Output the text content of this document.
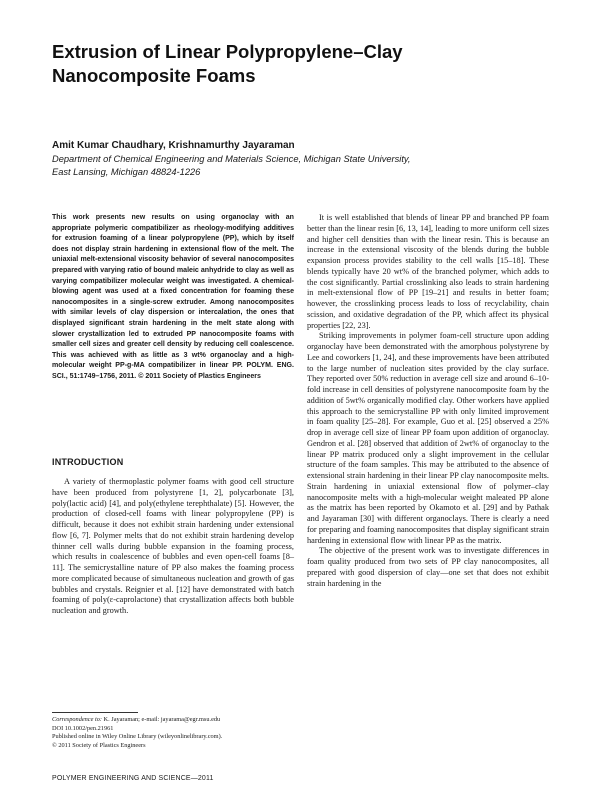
Extrusion of Linear Polypropylene–Clay
Nanocomposite Foams
Amit Kumar Chaudhary, Krishnamurthy Jayaraman
Department of Chemical Engineering and Materials Science, Michigan State University,
East Lansing, Michigan 48824-1226
This work presents new results on using organoclay with an appropriate polymeric compatibilizer as rheology-modifying additives for extrusion foaming of a linear polypropylene (PP), which by itself does not display strain hardening in extensional flow of the melt. The uniaxial melt-extensional viscosity behavior of several nanocomposites prepared with varying ratio of bound maleic anhydride to clay as well as varying compatibilizer molecular weight was investigated. A chemical-blowing agent was used at a fixed concentration for foaming these nanocomposites in a single-screw extruder. Among nanocomposites with similar levels of clay dispersion or intercalation, the ones that displayed significant strain hardening in the melt state along with slower crystallization led to extruded PP nanocomposite foams with smaller cell sizes and greater cell density by reducing cell coalescence. This was achieved with as little as 3 wt% organoclay and a high-molecular weight PP-g-MA compatibilizer in linear PP. POLYM. ENG. SCI., 51:1749–1756, 2011. © 2011 Society of Plastics Engineers
INTRODUCTION

A variety of thermoplastic polymer foams with good cell structure have been produced from polystyrene [1, 2], polycarbonate [3], poly(lactic acid) [4], and poly(ethylene terephthalate) [5]. However, the production of closed-cell foams with linear polypropylene (PP) is difficult, because it does not exhibit strain hardening under extensional flow [6, 7]. Polymer melts that do not exhibit strain hardening develop thinner cell walls during bubble expansion in the foaming process, which results in coalescence of bubbles and even open-cell foams [8–11]. The semicrystalline nature of PP also makes the foaming process more complicated because of simultaneous nucleation and growth of gas bubbles and crystals. Reignier et al. [12] have demonstrated with batch foaming of poly(ε-caprolactone) that crystallization affects both bubble nucleation and growth.

Correspondence to: K. Jayaraman; e-mail: jayarama@egr.msu.edu
DOI 10.1002/pen.21961
Published online in Wiley Online Library (wileyonlinelibrary.com).
© 2011 Society of Plastics Engineers

It is well established that blends of linear PP and branched PP foam better than the linear resin [6, 13, 14], leading to more uniform cell sizes and higher cell densities than with the linear resin. This is because an increase in the extensional viscosity of the blends during the bubble expansion process provides stability to the cell walls [15–18]. These blends typically have 20 wt% of the branched polymer, which adds to the cost significantly. Partial crosslinking also leads to strain hardening in melt-extensional flow of PP [19–21] and results in better foam; however, the crosslinking process leads to loss of recyclability, chain scission, and oxidative degradation of the PP, which affect its physical properties [22, 23].

Striking improvements in polymer foam-cell structure upon adding organoclay have been demonstrated with the amorphous polystyrene by Lee and coworkers [1, 24], and these improvements have been attributed to the large number of nucleation sites provided by the clay surface. They reported over 50% reduction in average cell size and around 6–10-fold increase in cell densities of polystyrene nanocomposite foam by the addition of 5wt% organically modified clay. Other workers have applied this approach to the semicrystalline PP with only limited improvement in foam quality [25–28]. For example, Guo et al. [25] observed a 25% drop in average cell size of linear PP foam upon addition of organoclay. Gendron et al. [28] observed that addition of 2wt% of organoclay to the linear PP matrix produced only a slight improvement in the cellular structure of the foam samples. This may be attributed to the absence of extensional strain hardening in their linear PP clay nanocomposite melts. Strain hardening in uniaxial extensional flow of polymer–clay nanocomposite melts with a high-molecular weight maleated PP alone as the matrix has been reported by Okamoto et al. [29] and by Pathak and Jayaraman [30] with different organoclays. There is clearly a need for preparing and foaming nanocomposites that display significant strain hardening in extensional flow with linear PP as the matrix.

The objective of the present work was to investigate differences in foam quality produced from two sets of PP clay nanocomposites, all prepared with good dispersion of clay—one set that does not exhibit strain hardening in the

POLYMER ENGINEERING AND SCIENCE—2011
